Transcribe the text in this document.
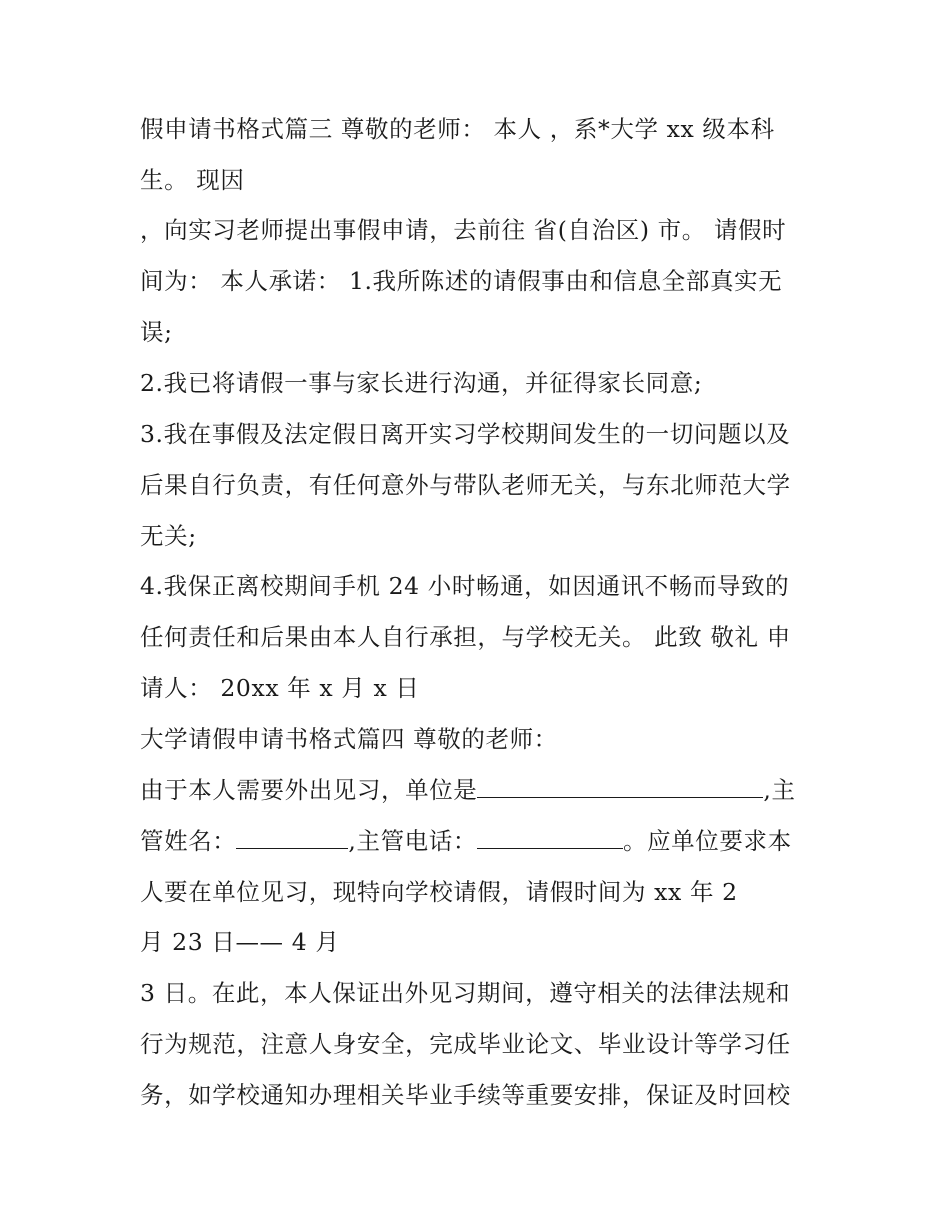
假申请书格式篇三 尊敬的老师： 本人 ，系*大学 xx 级本科

生。 现因

，向实习老师提出事假申请，去前往 省(自治区) 市。 请假时

间为： 本人承诺： 1.我所陈述的请假事由和信息全部真实无

误;

2.我已将请假一事与家长进行沟通，并征得家长同意;

3.我在事假及法定假日离开实习学校期间发生的一切问题以及

后果自行负责，有任何意外与带队老师无关，与东北师范大学

无关;

4.我保正离校期间手机 24 小时畅通，如因通讯不畅而导致的

任何责任和后果由本人自行承担，与学校无关。 此致 敬礼 申

请人： 20xx 年 x 月 x 日

大学请假申请书格式篇四 尊敬的老师：

由于本人需要外出见习，单位是	,主

管姓名：	,主管电话：	。应单位要求本

人要在单位见习，现特向学校请假，请假时间为 xx 年 2

月 23 日—— 4 月

3 日。在此，本人保证出外见习期间，遵守相关的法律法规和

行为规范，注意人身安全，完成毕业论文、毕业设计等学习任

务，如学校通知办理相关毕业手续等重要安排，保证及时回校
